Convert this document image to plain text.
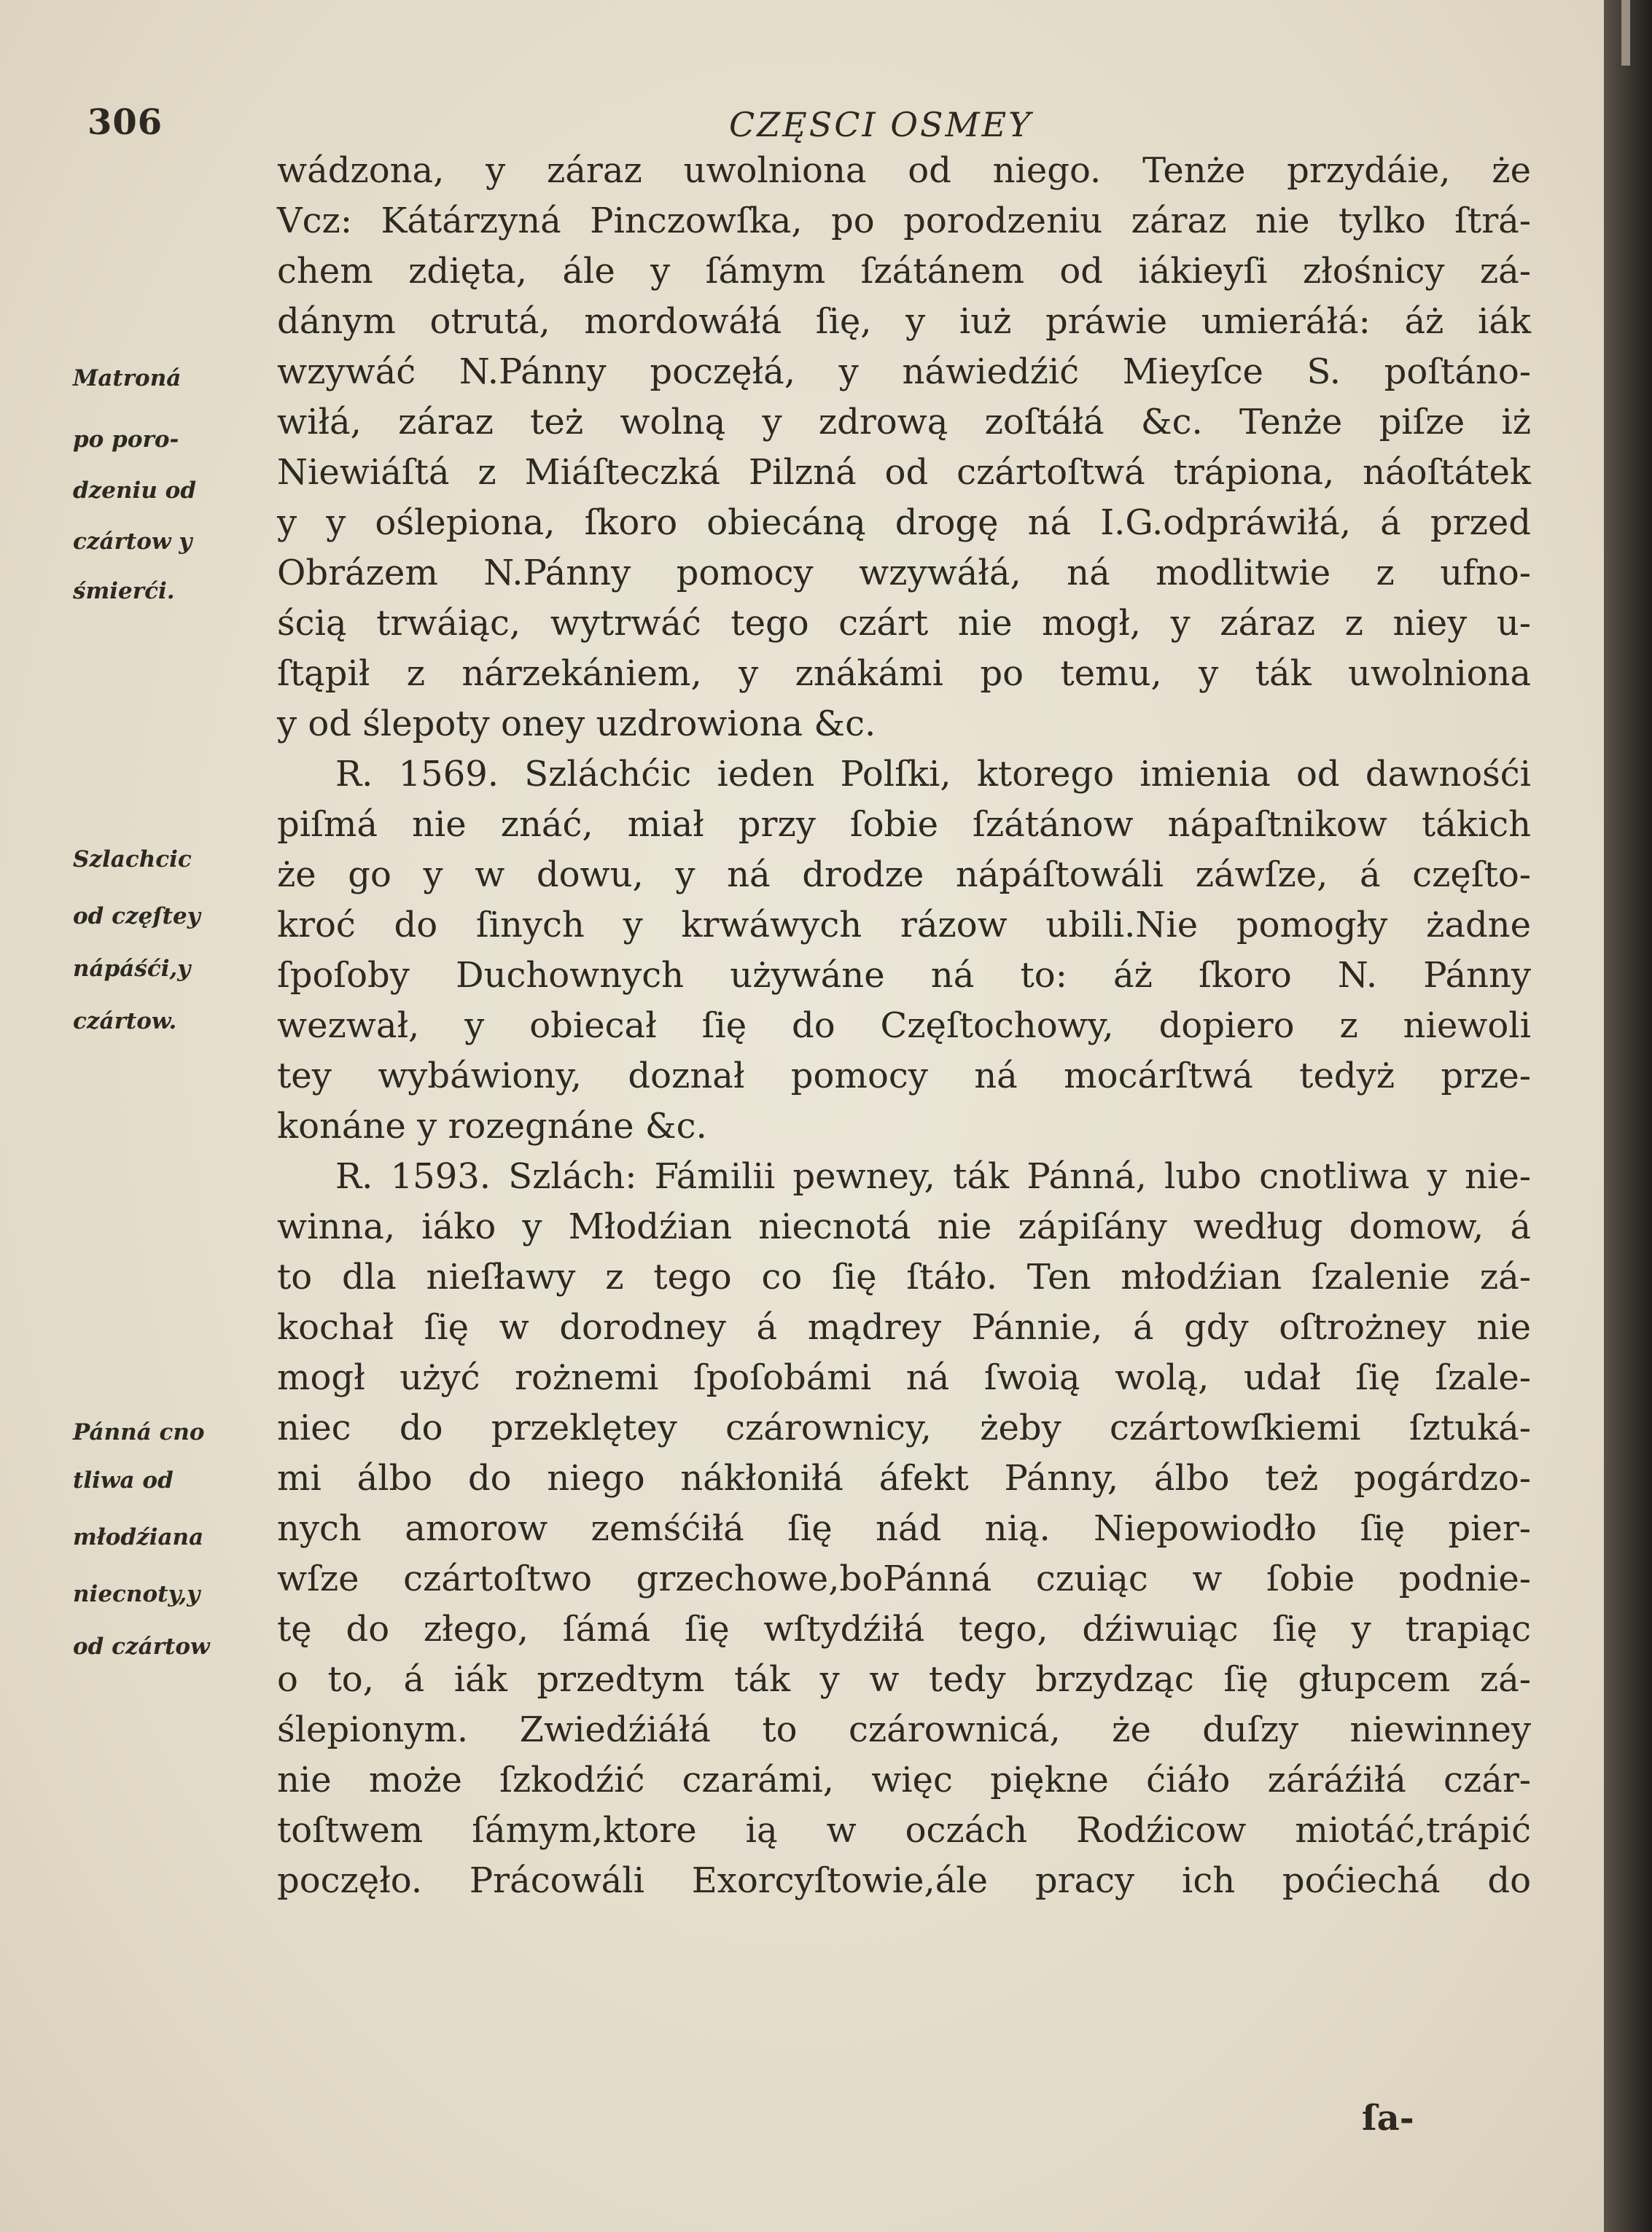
306	CZĘSCI OSMEY
wádzona, y záraz uwolniona od niego. Tenże przydáie, że
Vcz: Kátárzyná Pinczowſka, po porodzeniu záraz nie tylko ſtrá-
chem zdięta, ále y ſámym ſzátánem od iákieyſi złośnicy zá-
dánym otrutá, mordowáłá ſię, y iuż práwie umieráłá: áż iák
wzywáć N.Pánny poczęłá, y náwiedźić Mieyſce S. poſtáno-
wiłá, záraz też wolną y zdrową zoſtáłá &c. Tenże piſze iż
Niewiáſtá z Miáſteczká Pilzná od czártoſtwá trápiona, náoſtátek
y y oślepiona, ſkoro obiecáną drogę ná I.G.odpráwiłá, á przed
Obrázem N.Pánny pomocy wzywáłá, ná modlitwie z ufno-
ścią trwáiąc, wytrwáć tego czárt nie mogł, y záraz z niey u-
ſtąpił z nárzekániem, y znákámi po temu, y ták uwolniona
y od ślepoty oney uzdrowiona &c.
R. 1569. Szláchćic ieden Polſki, ktorego imienia od dawnośći
piſmá nie znáć, miał przy ſobie ſzátánow nápaſtnikow tákich
że go y w dowu, y ná drodze nápáſtowáli záwſze, á częſto-
kroć do ſinych y krwáwych rázow ubili.Nie pomogły żadne
ſpoſoby Duchownych używáne ná to: áż ſkoro N. Pánny
wezwał, y obiecał ſię do Częſtochowy, dopiero z niewoli
tey wybáwiony, doznał pomocy ná mocárſtwá tedyż prze-
konáne y rozegnáne &c.
R. 1593. Szlách: Fámilii pewney, ták Pánná, lubo cnotliwa y nie-
winna, iáko y Młodźian niecnotá nie zápiſány według domow, á
to dla nieſławy z tego co ſię ſtáło. Ten młodźian ſzalenie zá-
kochał ſię w dorodney á mądrey Pánnie, á gdy oſtrożney nie
mogł użyć rożnemi ſpoſobámi ná ſwoią wolą, udał ſię ſzale-
niec do przeklętey czárownicy, żeby czártowſkiemi ſztuká-
mi álbo do niego nákłoniłá áfekt Pánny, álbo też pogárdzo-
nych amorow zemśćiłá ſię nád nią. Niepowiodło ſię pier-
wſze czártoſtwo grzechowe,boPánná czuiąc w ſobie podnie-
tę do złego, ſámá ſię wſtydźiłá tego, dźiwuiąc ſię y trapiąc
o to, á iák przedtym ták y w tedy brzydząc ſię głupcem zá-
ślepionym. Zwiedźiáłá to czárownicá, że duſzy niewinney
nie może ſzkodźić czarámi, więc piękne ćiáło záráźiłá czár-
toſtwem ſámym,ktore ią w oczách Rodźicow miotáć,trápić
poczęło. Prácowáli Exorcyſtowie,ále pracy ich poćiechá do
Matroná
po poro-
dzeniu od
czártow y
śmierći.
Szlachcic
od częſtey
nápáśći,y
czártow.
Pánná cno
tliwa od
młodźiana
niecnoty,y
od czártow
ſa-
